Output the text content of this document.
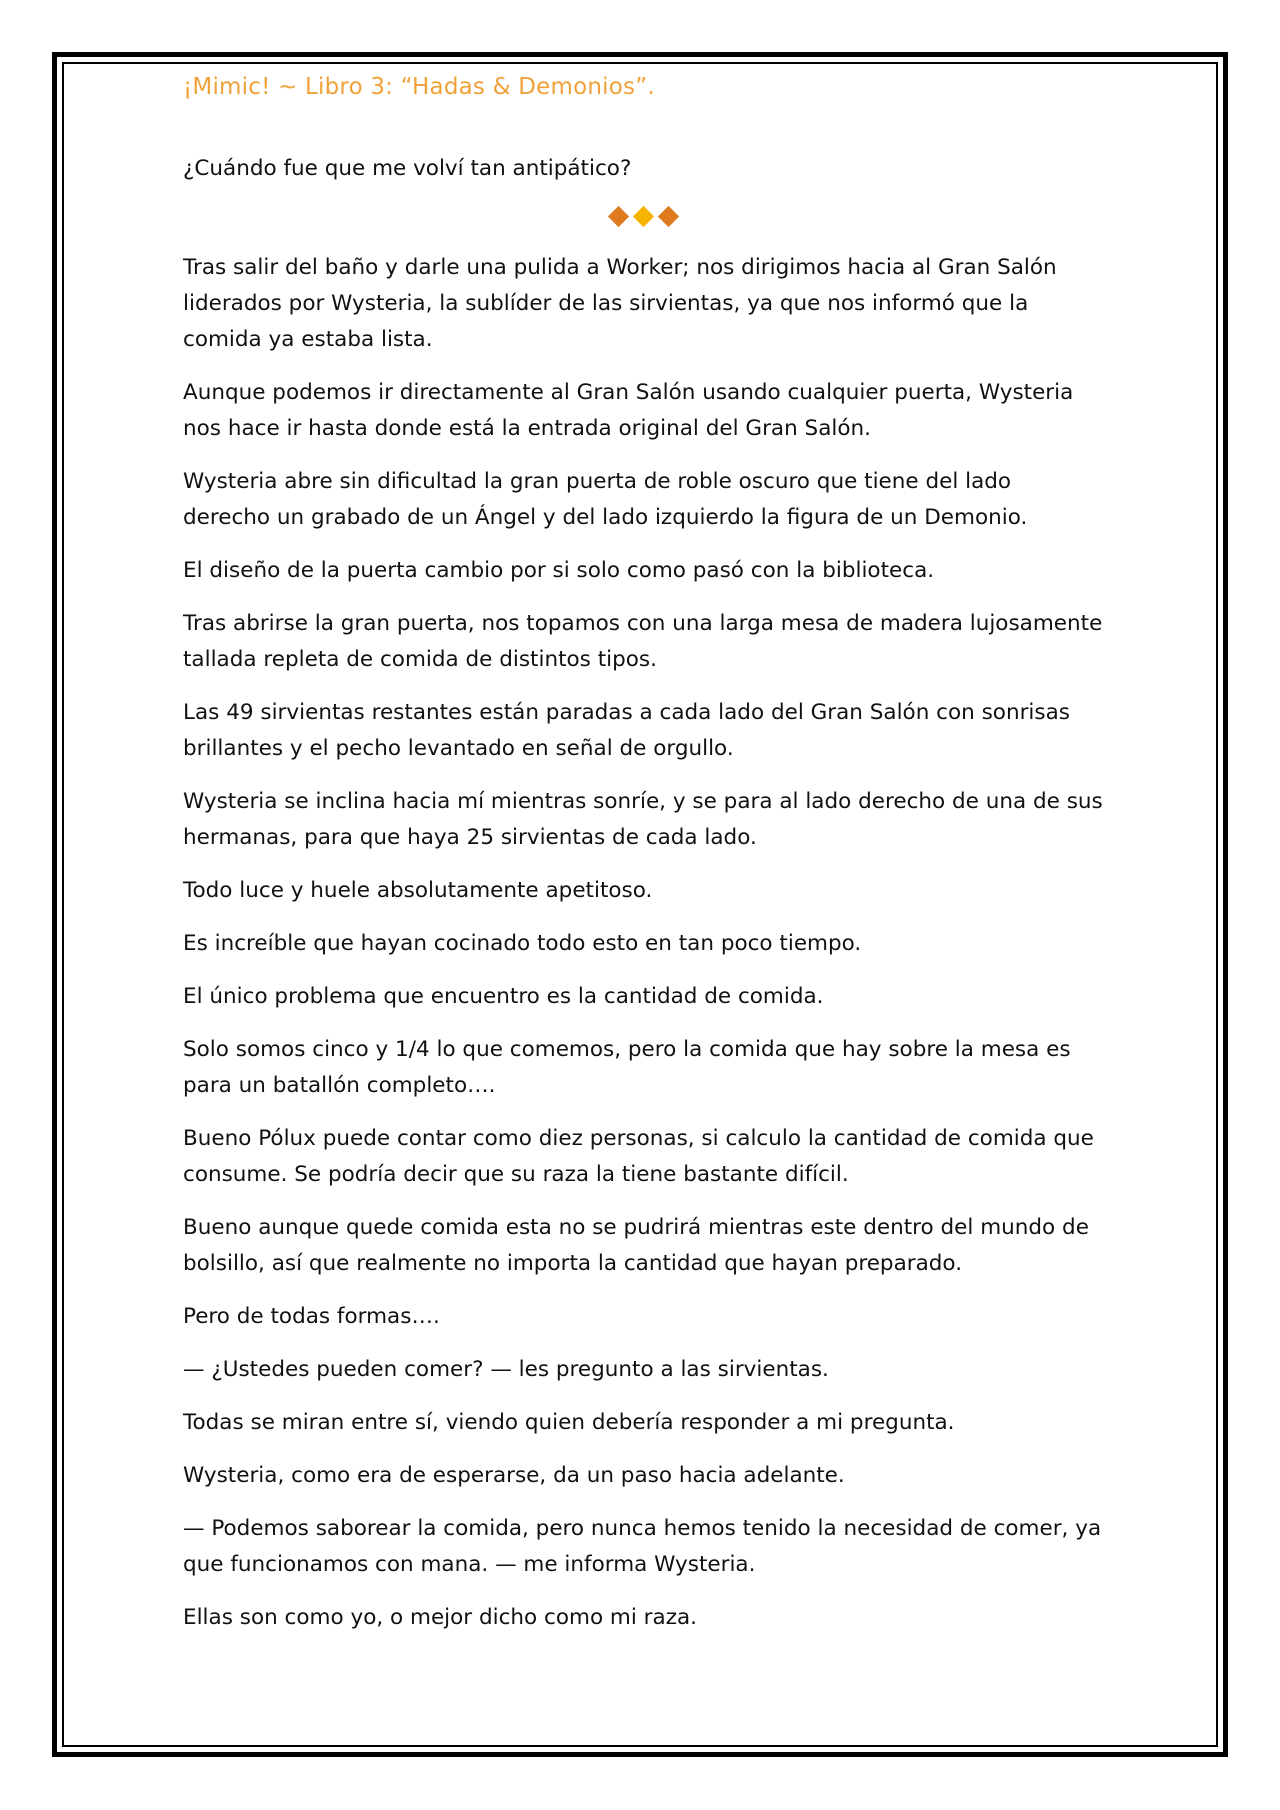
¡Mimic! ~ Libro 3: “Hadas & Demonios”.

¿Cuándo fue que me volví tan antipático?

Tras salir del baño y darle una pulida a Worker; nos dirigimos hacia al Gran Salón liderados por Wysteria, la sublíder de las sirvientas, ya que nos informó que la comida ya estaba lista.

Aunque podemos ir directamente al Gran Salón usando cualquier puerta, Wysteria nos hace ir hasta donde está la entrada original del Gran Salón.

Wysteria abre sin dificultad la gran puerta de roble oscuro que tiene del lado derecho un grabado de un Ángel y del lado izquierdo la figura de un Demonio.

El diseño de la puerta cambio por si solo como pasó con la biblioteca.

Tras abrirse la gran puerta, nos topamos con una larga mesa de madera lujosamente tallada repleta de comida de distintos tipos.

Las 49 sirvientas restantes están paradas a cada lado del Gran Salón con sonrisas brillantes y el pecho levantado en señal de orgullo.

Wysteria se inclina hacia mí mientras sonríe, y se para al lado derecho de una de sus hermanas, para que haya 25 sirvientas de cada lado.

Todo luce y huele absolutamente apetitoso.

Es increíble que hayan cocinado todo esto en tan poco tiempo.

El único problema que encuentro es la cantidad de comida.

Solo somos cinco y 1/4 lo que comemos, pero la comida que hay sobre la mesa es para un batallón completo….

Bueno Pólux puede contar como diez personas, si calculo la cantidad de comida que consume. Se podría decir que su raza la tiene bastante difícil.

Bueno aunque quede comida esta no se pudrirá mientras este dentro del mundo de bolsillo, así que realmente no importa la cantidad que hayan preparado.

Pero de todas formas….

— ¿Ustedes pueden comer? — les pregunto a las sirvientas.

Todas se miran entre sí, viendo quien debería responder a mi pregunta.

Wysteria, como era de esperarse, da un paso hacia adelante.

— Podemos saborear la comida, pero nunca hemos tenido la necesidad de comer, ya que funcionamos con mana. — me informa Wysteria.

Ellas son como yo, o mejor dicho como mi raza.
